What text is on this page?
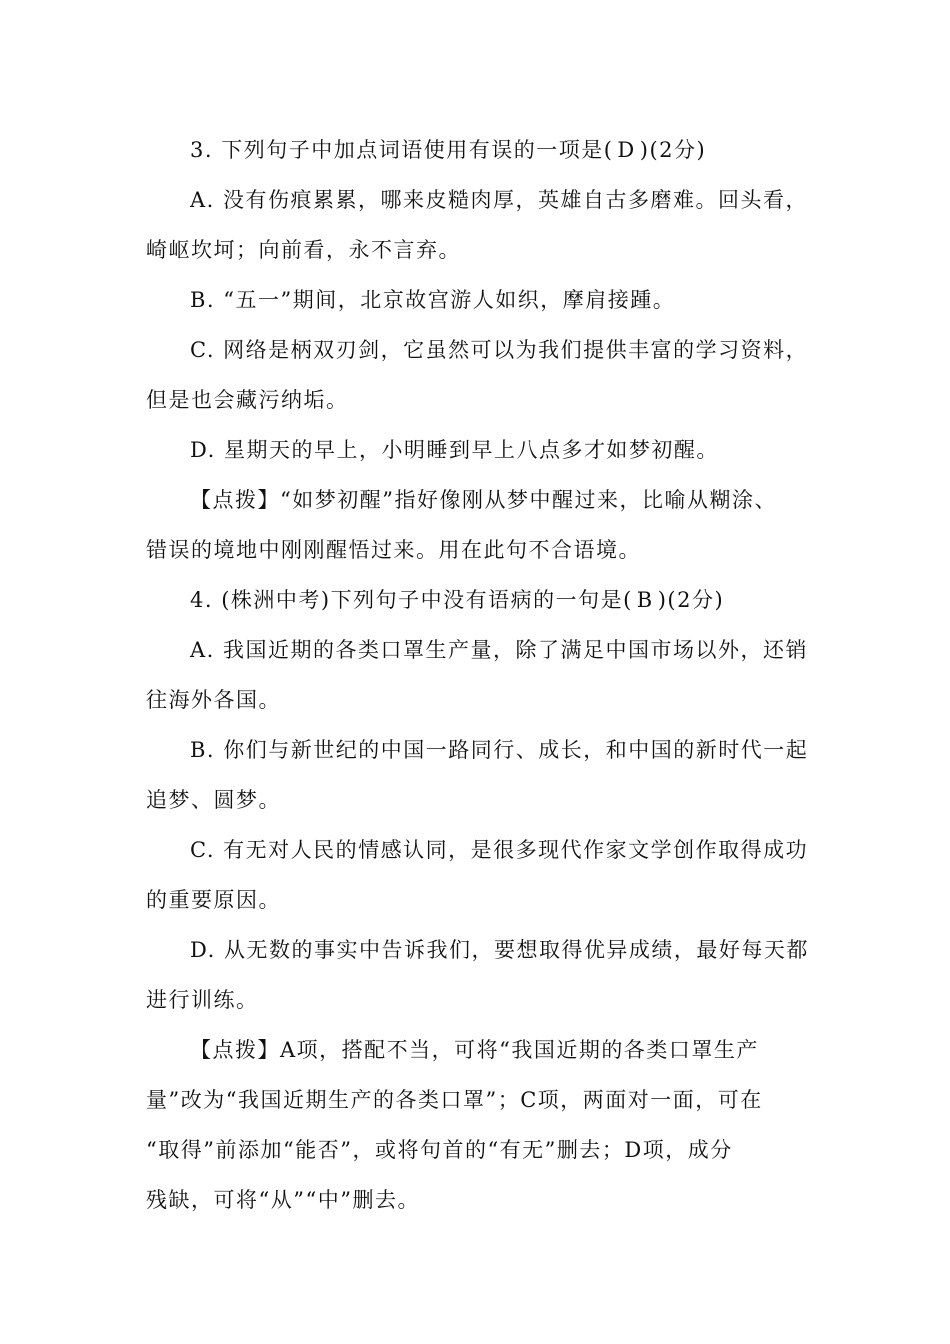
3. 下列句子中加点词语使用有误的一项是( D )(2分)
A. 没有伤痕累累，哪来皮糙肉厚，英雄自古多磨难。回头看，
崎岖坎坷；向前看，永不言弃。
B. “五一”期间，北京故宫游人如织，摩肩接踵。
C. 网络是柄双刃剑，它虽然可以为我们提供丰富的学习资料，
但是也会藏污纳垢。
D. 星期天的早上，小明睡到早上八点多才如梦初醒。
【点拨】“如梦初醒”指好像刚从梦中醒过来，比喻从糊涂、
错误的境地中刚刚醒悟过来。用在此句不合语境。
4. (株洲中考)下列句子中没有语病的一句是( B )(2分)
A. 我国近期的各类口罩生产量，除了满足中国市场以外，还销
往海外各国。
B. 你们与新世纪的中国一路同行、成长，和中国的新时代一起
追梦、圆梦。
C. 有无对人民的情感认同，是很多现代作家文学创作取得成功
的重要原因。
D. 从无数的事实中告诉我们，要想取得优异成绩，最好每天都
进行训练。
【点拨】A项，搭配不当，可将“我国近期的各类口罩生产
量”改为“我国近期生产的各类口罩”；C项，两面对一面，可在
“取得”前添加“能否”，或将句首的“有无”删去；D项，成分
残缺，可将“从”“中”删去。
